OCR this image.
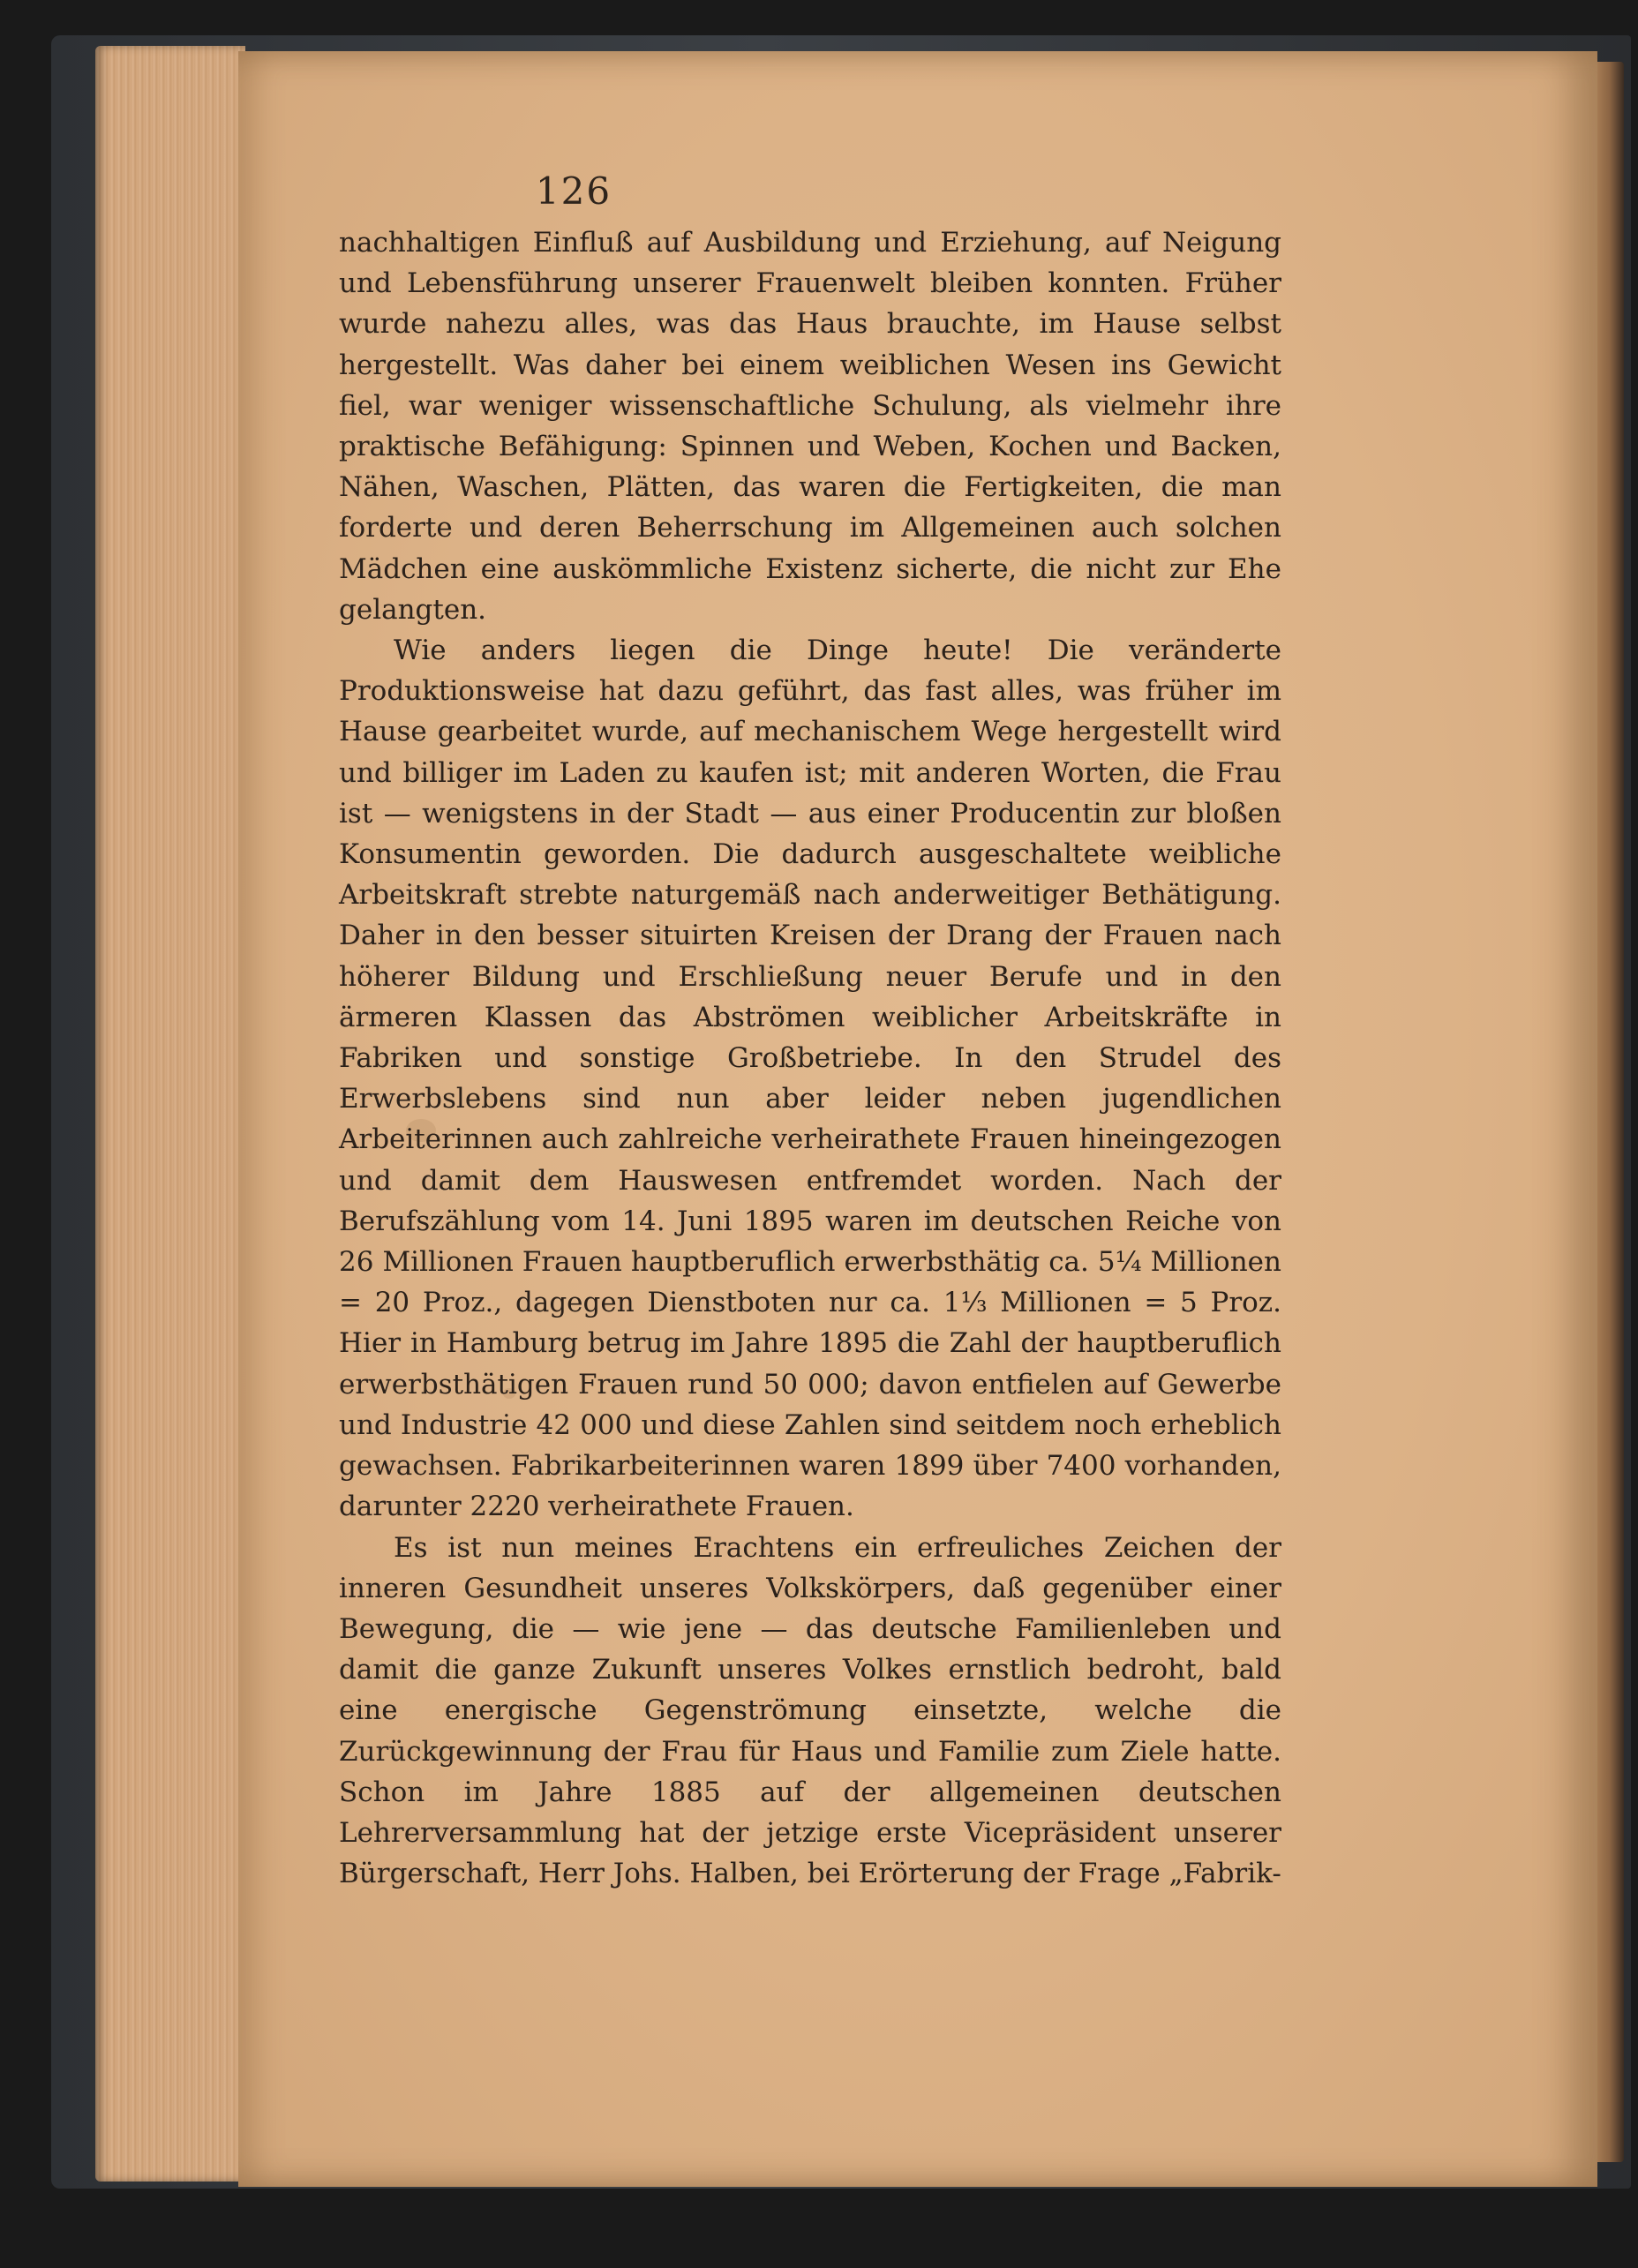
126

nachhaltigen Einfluß auf Ausbildung und Erziehung, auf Neigung und Lebensführung unserer Frauenwelt bleiben konnten. Früher wurde nahezu alles, was das Haus brauchte, im Hause selbst hergestellt. Was daher bei einem weiblichen Wesen ins Gewicht fiel, war weniger wissenschaftliche Schulung, als vielmehr ihre praktische Befähigung: Spinnen und Weben, Kochen und Backen, Nähen, Waschen, Plätten, das waren die Fertigkeiten, die man forderte und deren Beherrschung im Allgemeinen auch solchen Mädchen eine auskömmliche Existenz sicherte, die nicht zur Ehe gelangten.

Wie anders liegen die Dinge heute! Die veränderte Produktionsweise hat dazu geführt, das fast alles, was früher im Hause gearbeitet wurde, auf mechanischem Wege hergestellt wird und billiger im Laden zu kaufen ist; mit anderen Worten, die Frau ist — wenigstens in der Stadt — aus einer Producentin zur bloßen Konsumentin geworden. Die dadurch ausgeschaltete weibliche Arbeitskraft strebte naturgemäß nach anderweitiger Bethätigung. Daher in den besser situirten Kreisen der Drang der Frauen nach höherer Bildung und Erschließung neuer Berufe und in den ärmeren Klassen das Abströmen weiblicher Arbeitskräfte in Fabriken und sonstige Großbetriebe. In den Strudel des Erwerbslebens sind nun aber leider neben jugendlichen Arbeiterinnen auch zahlreiche verheirathete Frauen hineingezogen und damit dem Hauswesen entfremdet worden. Nach der Berufszählung vom 14. Juni 1895 waren im deutschen Reiche von 26 Millionen Frauen hauptberuflich erwerbsthätig ca. 5¼ Millionen = 20 Proz., dagegen Dienstboten nur ca. 1⅓ Millionen = 5 Proz. Hier in Hamburg betrug im Jahre 1895 die Zahl der hauptberuflich erwerbsthätigen Frauen rund 50 000; davon entfielen auf Gewerbe und Industrie 42 000 und diese Zahlen sind seitdem noch erheblich gewachsen. Fabrikarbeiterinnen waren 1899 über 7400 vorhanden, darunter 2220 verheirathete Frauen.

Es ist nun meines Erachtens ein erfreuliches Zeichen der inneren Gesundheit unseres Volkskörpers, daß gegenüber einer Bewegung, die — wie jene — das deutsche Familienleben und damit die ganze Zukunft unseres Volkes ernstlich bedroht, bald eine energische Gegenströmung einsetzte, welche die Zurückgewinnung der Frau für Haus und Familie zum Ziele hatte. Schon im Jahre 1885 auf der allgemeinen deutschen Lehrerversammlung hat der jetzige erste Vicepräsident unserer Bürgerschaft, Herr Johs. Halben, bei Erörterung der Frage „Fabrik-
